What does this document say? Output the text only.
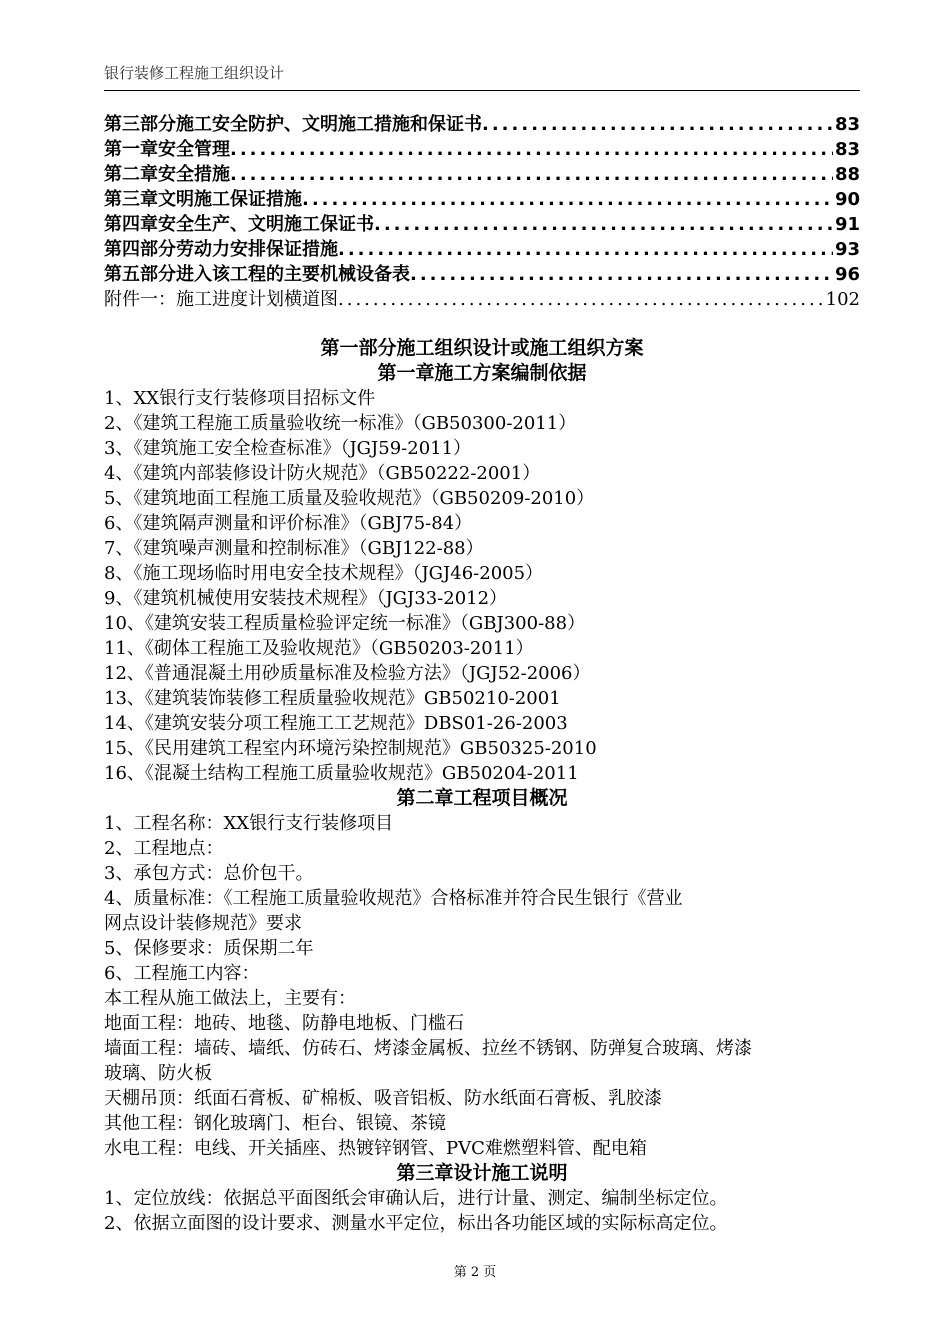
银行装修工程施工组织设计
第三部分施工安全防护、文明施工措施和保证书 .....	83
第一章安全管理 .....	83
第二章安全措施 .....	88
第三章文明施工保证措施 .....	90
第四章安全生产、文明施工保证书 .....	91
第四部分劳动力安排保证措施 .....	93
第五部分进入该工程的主要机械设备表 .....	96
附件一：施工进度计划横道图 .....	102
第一部分施工组织设计或施工组织方案
第一章施工方案编制依据
1、XX银行支行装修项目招标文件
2、《建筑工程施工质量验收统一标准》（GB50300-2011）
3、《建筑施工安全检查标准》（JGJ59-2011）
4、《建筑内部装修设计防火规范》（GB50222-2001）
5、《建筑地面工程施工质量及验收规范》（GB50209-2010）
6、《建筑隔声测量和评价标准》（GBJ75-84）
7、《建筑噪声测量和控制标准》（GBJ122-88）
8、《施工现场临时用电安全技术规程》（JGJ46-2005）
9、《建筑机械使用安装技术规程》（JGJ33-2012）
10、《建筑安装工程质量检验评定统一标准》（GBJ300-88）
11、《砌体工程施工及验收规范》（GB50203-2011）
12、《普通混凝土用砂质量标准及检验方法》（JGJ52-2006）
13、《建筑装饰装修工程质量验收规范》GB50210-2001
14、《建筑安装分项工程施工工艺规范》DBS01-26-2003
15、《民用建筑工程室内环境污染控制规范》GB50325-2010
16、《混凝土结构工程施工质量验收规范》GB50204-2011
第二章工程项目概况
1、工程名称：XX银行支行装修项目
2、工程地点：
3、承包方式：总价包干。
4、质量标准：《工程施工质量验收规范》合格标准并符合民生银行《营业
网点设计装修规范》要求
5、保修要求：质保期二年
6、工程施工内容：
本工程从施工做法上，主要有：
地面工程：地砖、地毯、防静电地板、门槛石
墙面工程：墙砖、墙纸、仿砖石、烤漆金属板、拉丝不锈钢、防弹复合玻璃、烤漆
玻璃、防火板
天棚吊顶：纸面石膏板、矿棉板、吸音铝板、防水纸面石膏板、乳胶漆
其他工程：钢化玻璃门、柜台、银镜、茶镜
水电工程：电线、开关插座、热镀锌钢管、PVC难燃塑料管、配电箱
第三章设计施工说明
1、定位放线：依据总平面图纸会审确认后，进行计量、测定、编制坐标定位。
2、依据立面图的设计要求、测量水平定位，标出各功能区域的实际标高定位。
第 2 页
